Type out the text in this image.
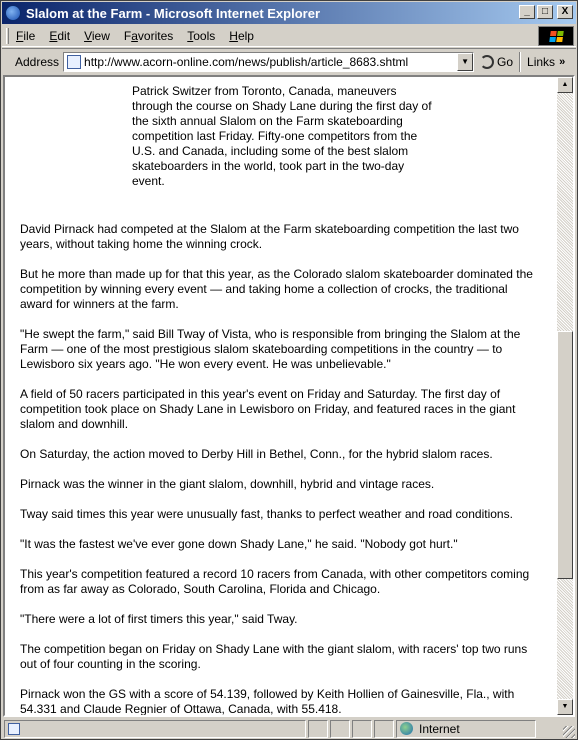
Slalom at the Farm - Microsoft Internet Explorer	_	□	X
File	Edit	View	Favorites	Tools	Help
Address
http://www.acorn-online.com/news/publish/article_8683.shtml	▼	Go Links »
Patrick Switzer from Toronto, Canada, maneuvers through the course on Shady Lane during the first day of the sixth annual Slalom on the Farm skateboarding competition last Friday. Fifty-one competitors from the U.S. and Canada, including some of the best slalom skateboarders in the world, took part in the two-day event.

David Pirnack had competed at the Slalom at the Farm skateboarding competition the last two years, without taking home the winning crock.

But he more than made up for that this year, as the Colorado slalom skateboarder dominated the competition by winning every event — and taking home a collection of crocks, the traditional award for winners at the farm.

"He swept the farm," said Bill Tway of Vista, who is responsible from bringing the Slalom at the Farm — one of the most prestigious slalom skateboarding competitions in the country — to Lewisboro six years ago. "He won every event. He was unbelievable."

A field of 50 racers participated in this year's event on Friday and Saturday. The first day of competition took place on Shady Lane in Lewisboro on Friday, and featured races in the giant slalom and downhill.

On Saturday, the action moved to Derby Hill in Bethel, Conn., for the hybrid slalom races.

Pirnack was the winner in the giant slalom, downhill, hybrid and vintage races.

Tway said times this year were unusually fast, thanks to perfect weather and road conditions.

"It was the fastest we've ever gone down Shady Lane," he said. "Nobody got hurt."

This year's competition featured a record 10 racers from Canada, with other competitors coming from as far away as Colorado, South Carolina, Florida and Chicago.

"There were a lot of first timers this year," said Tway.

The competition began on Friday on Shady Lane with the giant slalom, with racers' top two runs out of four counting in the scoring.

Pirnack won the GS with a score of 54.139, followed by Keith Hollien of Gainesville, Fla., with 54.331 and Claude Regnier of Ottawa, Canada, with 55.418.

▲
▼
Internet
